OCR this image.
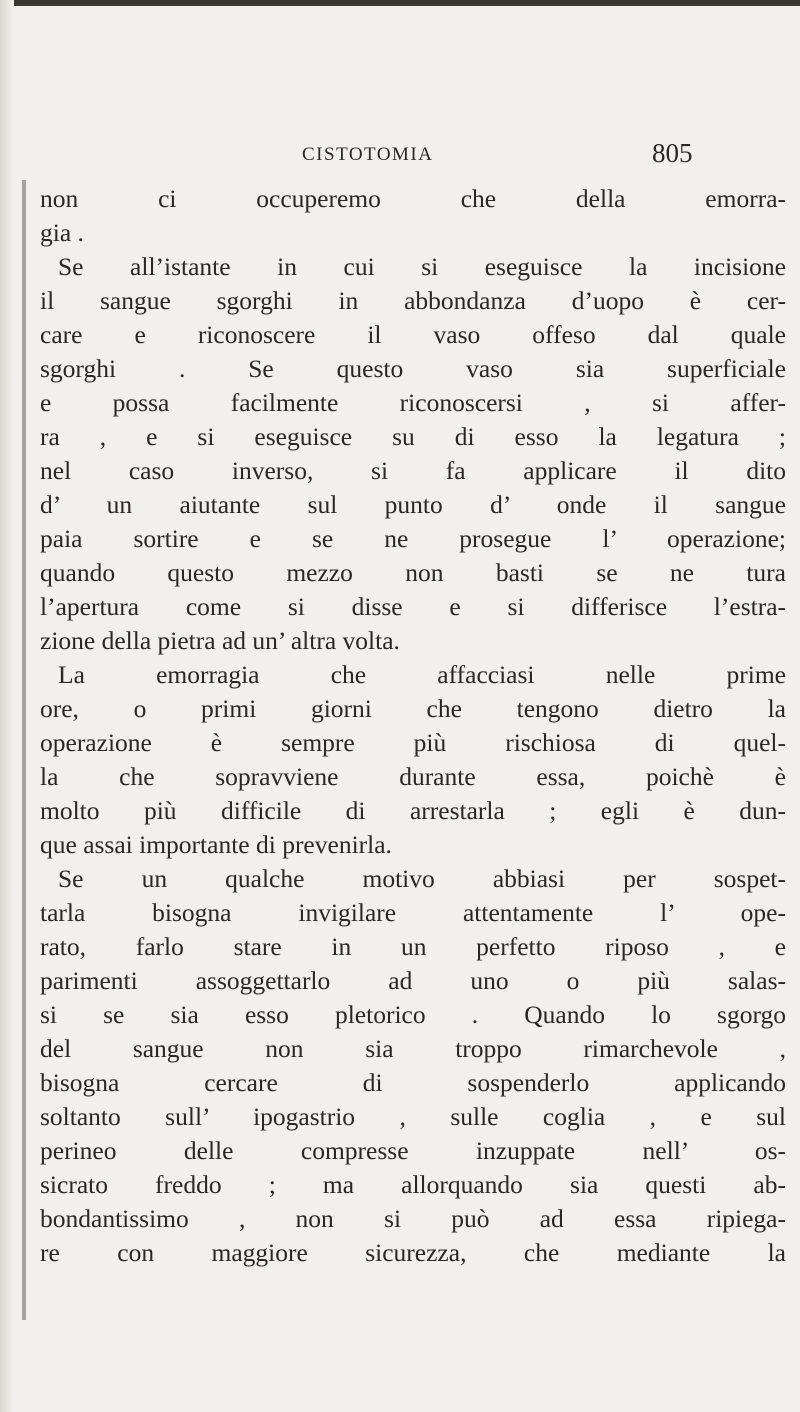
CISTOTOMIA	805
non ci occuperemo che della emorra-
gia .
Se all’istante in cui si eseguisce la incisione
il sangue sgorghi in abbondanza d’uopo è cer-
care e riconoscere il vaso offeso dal quale
sgorghi . Se questo vaso sia superficiale
e possa facilmente riconoscersi , si affer-
ra , e si eseguisce su di esso la legatura ;
nel caso inverso, si fa applicare il dito
d’ un aiutante sul punto d’ onde il sangue
paia sortire e se ne prosegue l’ operazione;
quando questo mezzo non basti se ne tura
l’apertura come si disse e si differisce l’estra-
zione della pietra ad un’ altra volta.
La emorragia che affacciasi nelle prime
ore, o primi giorni che tengono dietro la
operazione è sempre più rischiosa di quel-
la che sopravviene durante essa, poichè è
molto più difficile di arrestarla ; egli è dun-
que assai importante di prevenirla.
Se un qualche motivo abbiasi per sospet-
tarla bisogna invigilare attentamente l’ ope-
rato, farlo stare in un perfetto riposo , e
parimenti assoggettarlo ad uno o più salas-
si se sia esso pletorico . Quando lo sgorgo
del sangue non sia troppo rimarchevole ,
bisogna cercare di sospenderlo applicando
soltanto sull’ ipogastrio , sulle coglia , e sul
perineo delle compresse inzuppate nell’ os-
sicrato freddo ; ma allorquando sia questi ab-
bondantissimo , non si può ad essa ripiega-
re con maggiore sicurezza, che mediante la
